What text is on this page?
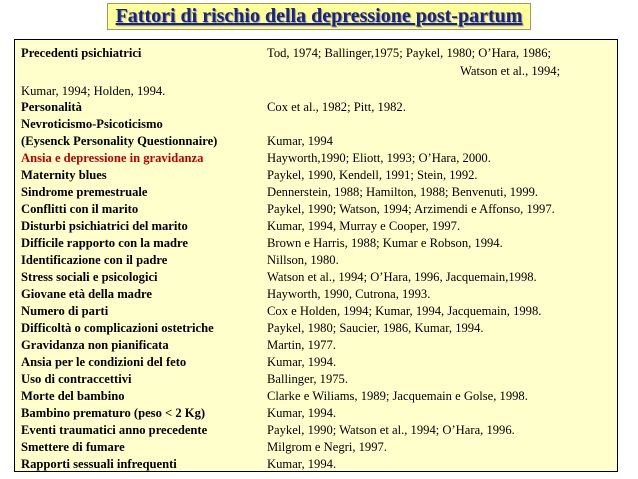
Fattori di rischio della depressione post-partum
Precedenti psichiatrici	Tod, 1974; Ballinger,1975; Paykel, 1980; O’Hara, 1986;
Watson et al., 1994;
Kumar, 1994; Holden, 1994.
Personalità	Cox et al., 1982; Pitt, 1982.
Nevroticismo-Psicoticismo
(Eysenck Personality Questionnaire)	Kumar, 1994
Ansia e depressione in gravidanza	Hayworth,1990; Eliott, 1993; O’Hara, 2000.
Maternity blues	Paykel, 1990, Kendell, 1991; Stein, 1992.
Sindrome premestruale	Dennerstein, 1988; Hamilton, 1988; Benvenuti, 1999.
Conflitti con il marito	Paykel, 1990; Watson, 1994; Arzimendi e Affonso, 1997.
Disturbi psichiatrici del marito	Kumar, 1994, Murray e Cooper, 1997.
Difficile rapporto con la madre	Brown e Harris, 1988; Kumar e Robson, 1994.
Identificazione con il padre	Nillson, 1980.
Stress sociali e psicologici	Watson et al., 1994; O’Hara, 1996, Jacquemain,1998.
Giovane età della madre	Hayworth, 1990, Cutrona, 1993.
Numero di parti	Cox e Holden, 1994; Kumar, 1994, Jacquemain, 1998.
Difficoltà o complicazioni ostetriche	Paykel, 1980; Saucier, 1986, Kumar, 1994.
Gravidanza non pianificata	Martin, 1977.
Ansia per le condizioni del feto	Kumar, 1994.
Uso di contraccettivi	Ballinger, 1975.
Morte del bambino	Clarke e Wiliams, 1989; Jacquemain e Golse, 1998.
Bambino prematuro (peso < 2 Kg)	Kumar, 1994.
Eventi traumatici anno precedente	Paykel, 1990; Watson et al., 1994; O’Hara, 1996.
Smettere di fumare	Milgrom e Negri, 1997.
Rapporti sessuali infrequenti	Kumar, 1994.
